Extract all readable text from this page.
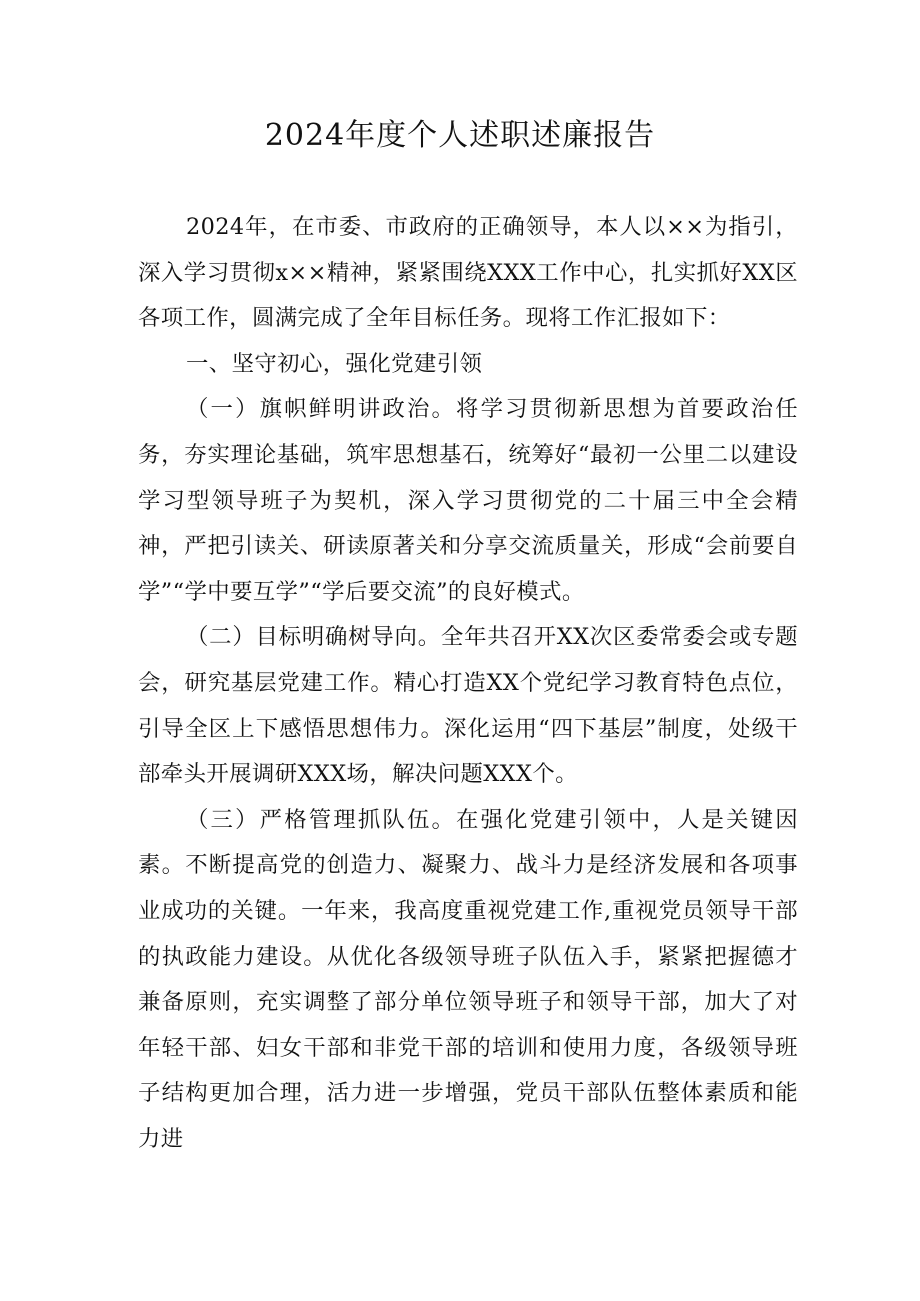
2024年度个人述职述廉报告

2024年，在市委、市政府的正确领导，本人以××为指引，深入学习贯彻x××精神，紧紧围绕XXX工作中心，扎实抓好XX区各项工作，圆满完成了全年目标任务。现将工作汇报如下：

一、坚守初心，强化党建引领

（一）旗帜鲜明讲政治。将学习贯彻新思想为首要政治任务，夯实理论基础，筑牢思想基石，统筹好“最初一公里二以建设学习型领导班子为契机，深入学习贯彻党的二十届三中全会精神，严把引读关、研读原著关和分享交流质量关，形成“会前要自学”“学中要互学”“学后要交流”的良好模式。

（二）目标明确树导向。全年共召开XX次区委常委会或专题会，研究基层党建工作。精心打造XX个党纪学习教育特色点位，引导全区上下感悟思想伟力。深化运用“四下基层”制度，处级干部牵头开展调研XXX场，解决问题XXX个。

（三）严格管理抓队伍。在强化党建引领中，人是关键因素。不断提高党的创造力、凝聚力、战斗力是经济发展和各项事业成功的关键。一年来，我高度重视党建工作,重视党员领导干部的执政能力建设。从优化各级领导班子队伍入手，紧紧把握德才兼备原则，充实调整了部分单位领导班子和领导干部，加大了对年轻干部、妇女干部和非党干部的培训和使用力度，各级领导班子结构更加合理，活力进一步增强，党员干部队伍整体素质和能力进
